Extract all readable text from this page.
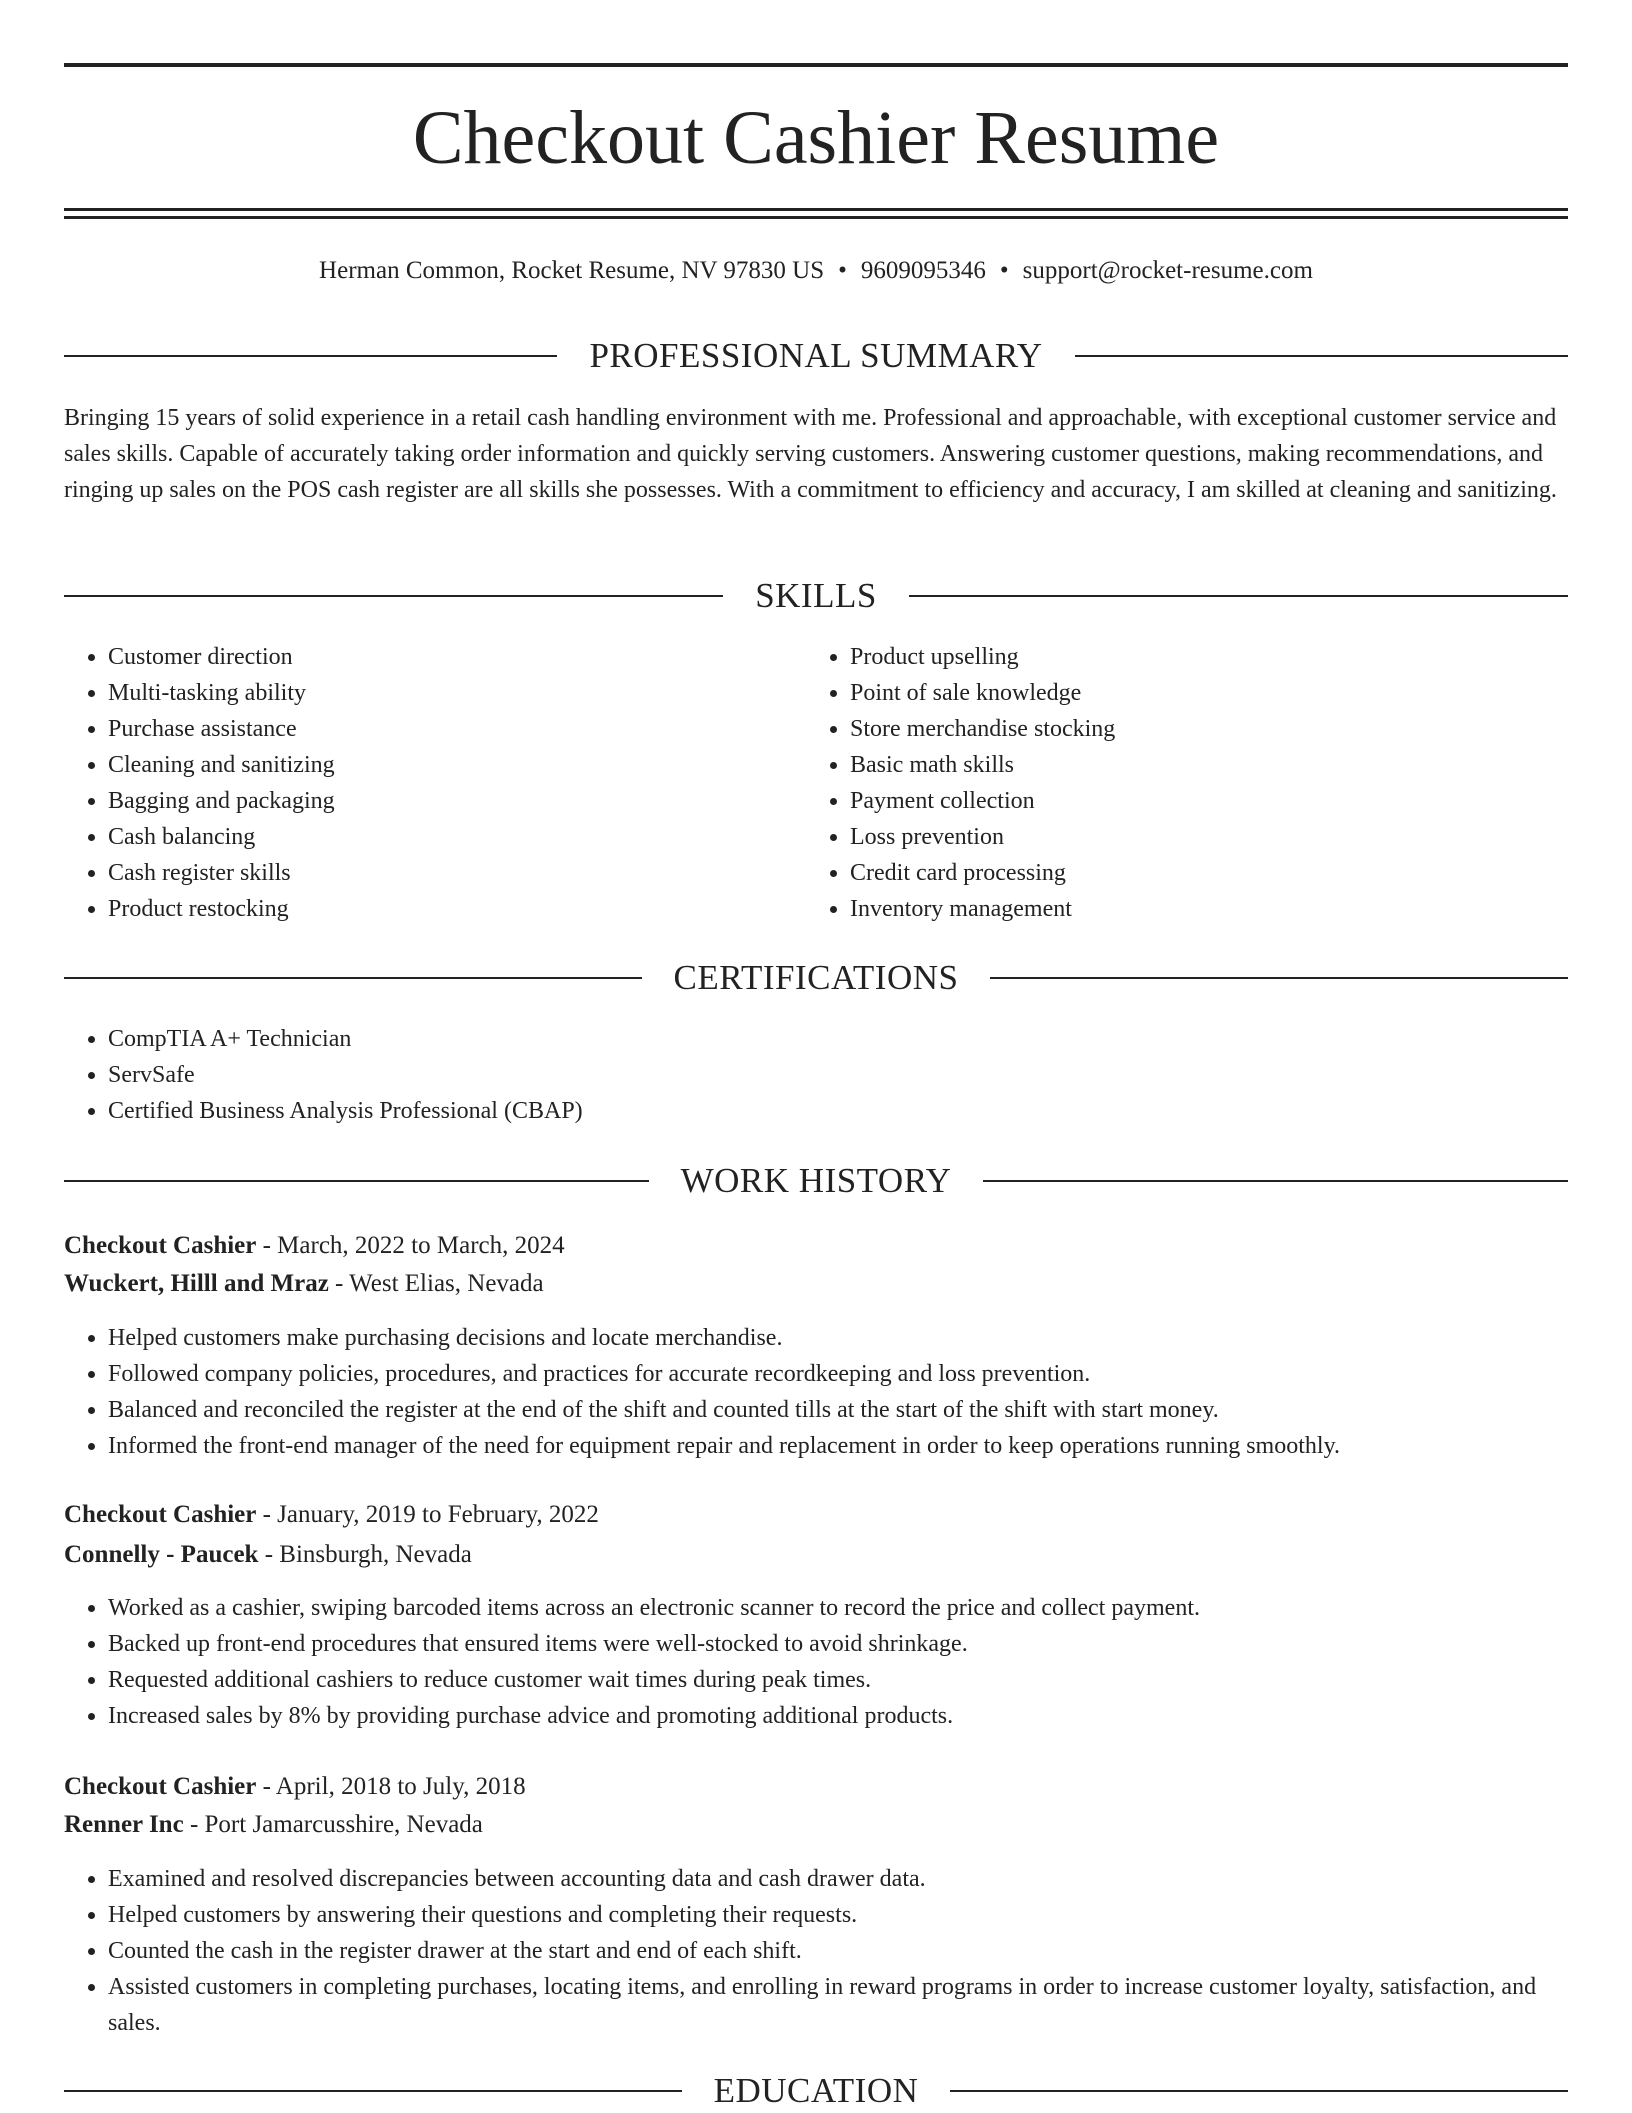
Checkout Cashier Resume
Herman Common, Rocket Resume, NV 97830 US • 9609095346 • support@rocket-resume.com
PROFESSIONAL SUMMARY
Bringing 15 years of solid experience in a retail cash handling environment with me. Professional and approachable, with exceptional customer service and sales skills. Capable of accurately taking order information and quickly serving customers. Answering customer questions, making recommendations, and ringing up sales on the POS cash register are all skills she possesses. With a commitment to efficiency and accuracy, I am skilled at cleaning and sanitizing.
SKILLS
• Customer direction
• Multi-tasking ability
• Purchase assistance
• Cleaning and sanitizing
• Bagging and packaging
• Cash balancing
• Cash register skills
• Product restocking
• Product upselling
• Point of sale knowledge
• Store merchandise stocking
• Basic math skills
• Payment collection
• Loss prevention
• Credit card processing
• Inventory management
CERTIFICATIONS
• CompTIA A+ Technician
• ServSafe
• Certified Business Analysis Professional (CBAP)
WORK HISTORY
Checkout Cashier - March, 2022 to March, 2024
Wuckert, Hilll and Mraz - West Elias, Nevada
• Helped customers make purchasing decisions and locate merchandise.
• Followed company policies, procedures, and practices for accurate recordkeeping and loss prevention.
• Balanced and reconciled the register at the end of the shift and counted tills at the start of the shift with start money.
• Informed the front-end manager of the need for equipment repair and replacement in order to keep operations running smoothly.
Checkout Cashier - January, 2019 to February, 2022
Connelly - Paucek - Binsburgh, Nevada
• Worked as a cashier, swiping barcoded items across an electronic scanner to record the price and collect payment.
• Backed up front-end procedures that ensured items were well-stocked to avoid shrinkage.
• Requested additional cashiers to reduce customer wait times during peak times.
• Increased sales by 8% by providing purchase advice and promoting additional products.
Checkout Cashier - April, 2018 to July, 2018
Renner Inc - Port Jamarcusshire, Nevada
• Examined and resolved discrepancies between accounting data and cash drawer data.
• Helped customers by answering their questions and completing their requests.
• Counted the cash in the register drawer at the start and end of each shift.
• Assisted customers in completing purchases, locating items, and enrolling in reward programs in order to increase customer loyalty, satisfaction, and sales.
EDUCATION
